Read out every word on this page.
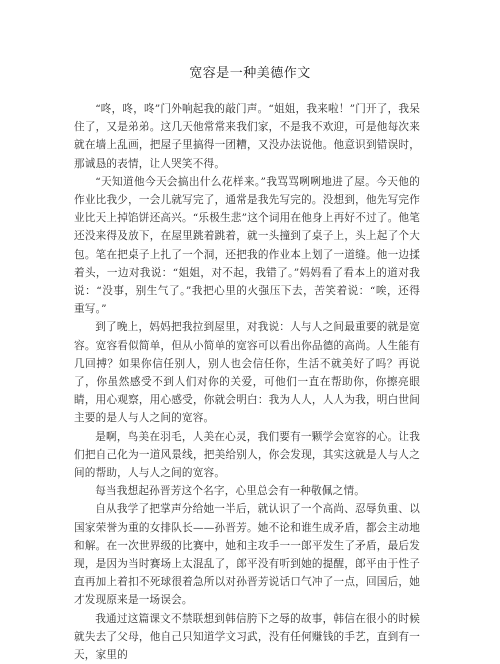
宽容是一种美德作文

“咚，咚，咚”门外响起我的敲门声。“姐姐，我来啦！”门开了，我呆住了，又是弟弟。这几天他常常来我们家，不是我不欢迎，可是他每次来就在墙上乱画，把屋子里搞得一团糟，又没办法说他。他意识到错误时，那诚恳的表情，让人哭笑不得。

“天知道他今天会搞出什么花样来。”我骂骂咧咧地进了屋。今天他的作业比我少，一会儿就写完了，通常是我先写完的。没想到，他先写完作业比天上掉馅饼还高兴。“乐极生悲”这个词用在他身上再好不过了。他笔还没来得及放下，在屋里跳着跳着，就一头撞到了桌子上，头上起了个大包。笔在把桌子上扎了一个洞，还把我的作业本上划了一道缝。他一边揉着头，一边对我说：“姐姐，对不起，我错了。”妈妈看了看本上的道对我说：“没事，别生气了。”我把心里的火强压下去，苦笑着说：“唉，还得重写。”

到了晚上，妈妈把我拉到屋里，对我说：人与人之间最重要的就是宽容。宽容看似简单，但从小简单的宽容可以看出你品德的高尚。人生能有几回搏？如果你信任别人，别人也会信任你，生活不就美好了吗？再说了，你虽然感受不到人们对你的关爱，可他们一直在帮助你，你擦亮眼睛，用心观察，用心感受，你就会明白：我为人人，人人为我，明白世间主要的是人与人之间的宽容。

是啊，鸟美在羽毛，人美在心灵，我们要有一颗学会宽容的心。让我们把自己化为一道风景线，把美给别人，你会发现，其实这就是人与人之间的帮助，人与人之间的宽容。

每当我想起孙晋芳这个名字，心里总会有一种敬佩之情。

自从我学了把掌声分给她一半后，就认识了一个高尚、忍辱负重、以国家荣誉为重的女排队长——孙晋芳。她不论和谁生成矛盾，都会主动地和解。在一次世界级的比赛中，她和主攻手一一郎平发生了矛盾，最后发现，是因为当时赛场上太混乱了，郎平没有听到她的提醒，郎平由于性子直再加上着扣不死球很着急所以对孙晋芳说话口气冲了一点，回国后，她才发现原来是一场误会。

我通过这篇课文不禁联想到韩信胯下之辱的故事，韩信在很小的时候就失去了父母，他自己只知道学文习武，没有任何赚钱的手艺，直到有一天，家里的
